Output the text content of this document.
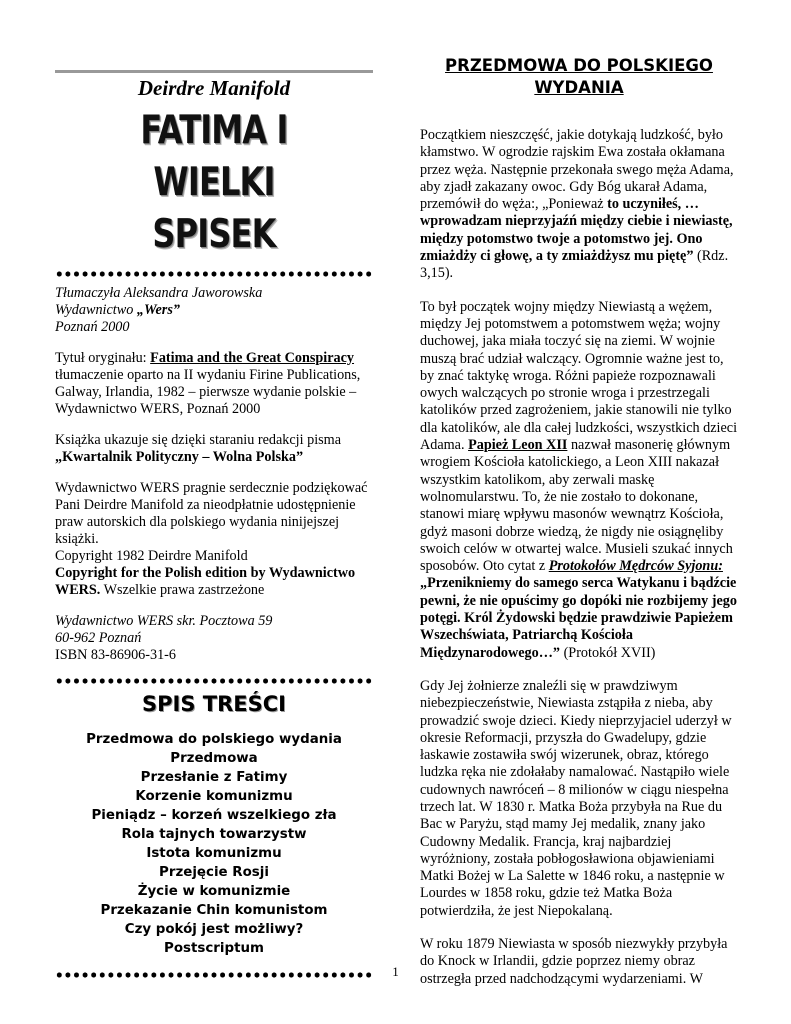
Deirdre Manifold

FATIMA I WIELKI
SPISEK

Tłumaczyła Aleksandra Jaworowska

Wydawnictwo „Wers”

Poznań 2000

Tytuł oryginału: Fatima and the Great Conspiracy tłumaczenie oparto na II wydaniu Firine Publications, Galway, Irlandia, 1982 – pierwsze wydanie polskie – Wydawnictwo WERS, Poznań 2000

Książka ukazuje się dzięki staraniu redakcji pisma

„Kwartalnik Polityczny – Wolna Polska”

Wydawnictwo WERS pragnie serdecznie podziękować Pani Deirdre Manifold za nieodpłatnie udostępnienie praw autorskich dla polskiego wydania ninijejszej książki.

Copyright 1982 Deirdre Manifold

Copyright for the Polish edition by Wydawnictwo WERS. Wszelkie prawa zastrzeżone

Wydawnictwo WERS skr. Pocztowa 59

60-962 Poznań

ISBN 83-86906-31-6

SPIS TREŚCI

Przedmowa do polskiego wydania

Przedmowa

Przesłanie z Fatimy

Korzenie komunizmu

Pieniądz – korzeń wszelkiego zła

Rola tajnych towarzystw

Istota komunizmu

Przejęcie Rosji

Życie w komunizmie

Przekazanie Chin komunistom

Czy pokój jest możliwy?

Postscriptum

PRZEDMOWA DO POLSKIEGO

WYDANIA

Początkiem nieszczęść, jakie dotykają ludzkość, było kłamstwo. W ogrodzie rajskim Ewa została okłamana przez węża. Następnie przekonała swego męża Adama, aby zjadł zakazany owoc. Gdy Bóg ukarał Adama, przemówił do węża:, „Ponieważ to uczyniłeś, …wprowadzam nieprzyjaźń między ciebie i niewiastę, między potomstwo twoje a potomstwo jej. Ono zmiażdży ci głowę, a ty zmiażdżysz mu piętę” (Rdz. 3,15).

To był początek wojny między Niewiastą a wężem, między Jej potomstwem a potomstwem węża; wojny duchowej, jaka miała toczyć się na ziemi. W wojnie muszą brać udział walczący. Ogromnie ważne jest to, by znać taktykę wroga. Różni papieże rozpoznawali owych walczących po stronie wroga i przestrzegali katolików przed zagrożeniem, jakie stanowili nie tylko dla katolików, ale dla całej ludzkości, wszystkich dzieci Adama. Papież Leon XII nazwał masonerię głównym wrogiem Kościoła katolickiego, a Leon XIII nakazał wszystkim katolikom, aby zerwali maskę wolnomularstwu. To, że nie zostało to dokonane, stanowi miarę wpływu masonów wewnątrz Kościoła, gdyż masoni dobrze wiedzą, że nigdy nie osiągnęliby swoich celów w otwartej walce. Musieli szukać innych sposobów. Oto cytat z Protokołów Mędrców Syjonu: „Przenikniemy do samego serca Watykanu i bądźcie pewni, że nie opuścimy go dopóki nie rozbijemy jego potęgi. Król Żydowski będzie prawdziwie Papieżem Wszechświata, Patriarchą Kościoła Międzynarodowego…” (Protokół XVII)

Gdy Jej żołnierze znaleźli się w prawdziwym niebezpieczeństwie, Niewiasta zstąpiła z nieba, aby prowadzić swoje dzieci. Kiedy nieprzyjaciel uderzył w okresie Reformacji, przyszła do Gwadelupy, gdzie łaskawie zostawiła swój wizerunek, obraz, którego ludzka ręka nie zdołałaby namalować. Nastąpiło wiele cudownych nawróceń – 8 milionów w ciągu niespełna trzech lat. W 1830 r. Matka Boża przybyła na Rue du Bac w Paryżu, stąd mamy Jej medalik, znany jako Cudowny Medalik. Francja, kraj najbardziej wyróżniony, została pobłogosławiona objawieniami Matki Bożej w La Salette w 1846 roku, a następnie w Lourdes w 1858 roku, gdzie też Matka Boża potwierdziła, że jest Niepokalaną.

W roku 1879 Niewiasta w sposób niezwykły przybyła do Knock w Irlandii, gdzie poprzez niemy obraz ostrzegła przed nadchodzącymi wydarzeniami. W

1
